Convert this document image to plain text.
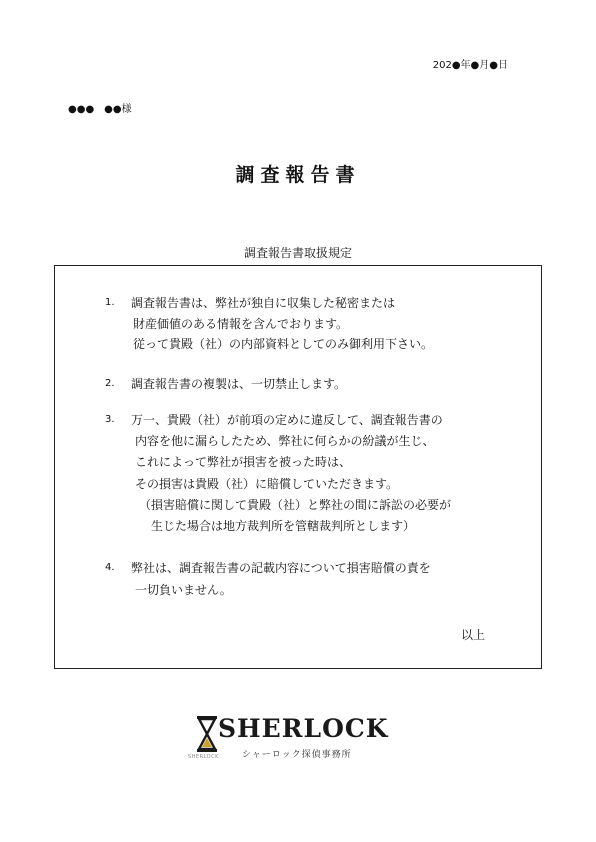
202●年●月●日
●●●　●●様
調査報告書
調査報告書取扱規定
1. 調査報告書は、弊社が独自に収集した秘密または
財産価値のある情報を含んでおります。
従って貴殿（社）の内部資料としてのみ御利用下さい。
2. 調査報告書の複製は、一切禁止します。
3. 万一、貴殿（社）が前項の定めに違反して、調査報告書の
内容を他に漏らしたため、弊社に何らかの紛議が生じ、
これによって弊社が損害を被った時は、
その損害は貴殿（社）に賠償していただきます。
（損害賠償に関して貴殿（社）と弊社の間に訴訟の必要が
生じた場合は地方裁判所を管轄裁判所とします）
4. 弊社は、調査報告書の記載内容について損害賠償の責を
一切負いません。
以上
SHERLOCK
SHERLOCK
シャーロック探偵事務所
